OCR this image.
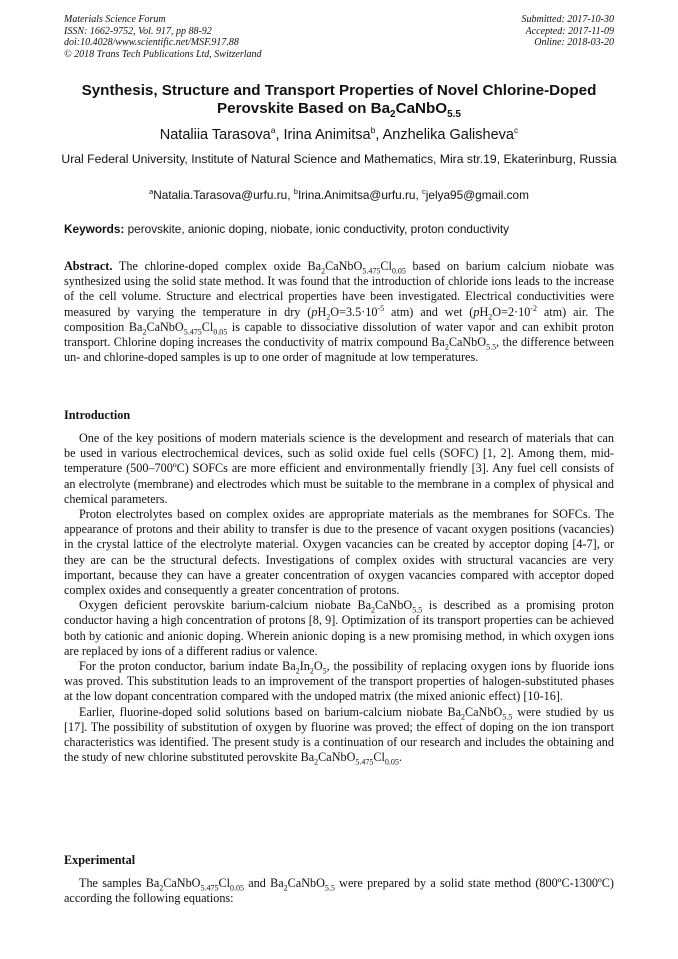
Materials Science Forum
ISSN: 1662-9752, Vol. 917, pp 88-92
doi:10.4028/www.scientific.net/MSF.917.88
© 2018 Trans Tech Publications Ltd, Switzerland
Submitted: 2017-10-30
Accepted: 2017-11-09
Online: 2018-03-20
Synthesis, Structure and Transport Properties of Novel Chlorine-Doped
Perovskite Based on $Ba_2CaNbO_{5.5}$
Nataliia Tarasova$^a$, Irina Animitsa$^b$, Anzhelika Galisheva$^c$
Ural Federal University, Institute of Natural Science and Mathematics, Mira str.19, Ekaterinburg, Russia
$^a$Natalia.Tarasova@urfu.ru, $^b$Irina.Animitsa@urfu.ru, $^c$jelya95@gmail.com
Keywords: perovskite, anionic doping, niobate, ionic conductivity, proton conductivity

Abstract. The chlorine-doped complex oxide $Ba_2CaNbO_{5.475}Cl_{0.05}$ based on barium calcium niobate was synthesized using the solid state method. It was found that the introduction of chloride ions leads to the increase of the cell volume. Structure and electrical properties have been investigated. Electrical conductivities were measured by varying the temperature in dry ($pH_2O=3.5\cdot 10^{-5}$ atm) and wet ($pH_2O=2\cdot 10^{-2}$ atm) air. The composition $Ba_2CaNbO_{5.475}Cl_{0.05}$ is capable to dissociative dissolution of water vapor and can exhibit proton transport. Chlorine doping increases the conductivity of matrix compound $Ba_2CaNbO_{5.5}$, the difference between un- and chlorine-doped samples is up to one order of magnitude at low temperatures.

Introduction

One of the key positions of modern materials science is the development and research of materials that can be used in various electrochemical devices, such as solid oxide fuel cells (SOFC) [1, 2]. Among them, mid-temperature (500–700ºC) SOFCs are more efficient and environmentally friendly [3]. Any fuel cell consists of an electrolyte (membrane) and electrodes which must be suitable to the membrane in a complex of physical and chemical parameters.

Proton electrolytes based on complex oxides are appropriate materials as the membranes for SOFCs. The appearance of protons and their ability to transfer is due to the presence of vacant oxygen positions (vacancies) in the crystal lattice of the electrolyte material. Oxygen vacancies can be created by acceptor doping [4-7], or they are can be the structural defects. Investigations of complex oxides with structural vacancies are very important, because they can have a greater concentration of oxygen vacancies compared with acceptor doped complex oxides and consequently a greater concentration of protons.

Oxygen deficient perovskite barium-calcium niobate $Ba_2CaNbO_{5.5}$ is described as a promising proton conductor having a high concentration of protons [8, 9]. Optimization of its transport properties can be achieved both by cationic and anionic doping. Wherein anionic doping is a new promising method, in which oxygen ions are replaced by ions of a different radius or valence.

For the proton conductor, barium indate $Ba_2In_2O_5$, the possibility of replacing oxygen ions by fluoride ions was proved. This substitution leads to an improvement of the transport properties of halogen-substituted phases at the low dopant concentration compared with the undoped matrix (the mixed anionic effect) [10-16].

Earlier, fluorine-doped solid solutions based on barium-calcium niobate $Ba_2CaNbO_{5.5}$ were studied by us [17]. The possibility of substitution of oxygen by fluorine was proved; the effect of doping on the ion transport characteristics was identified. The present study is a continuation of our research and includes the obtaining and the study of new chlorine substituted perovskite $Ba_2CaNbO_{5.475}Cl_{0.05}$.

Experimental

The samples $Ba_2CaNbO_{5.475}Cl_{0.05}$ and $Ba_2CaNbO_{5.5}$ were prepared by a solid state method (800ºC-1300ºC) according the following equations:
